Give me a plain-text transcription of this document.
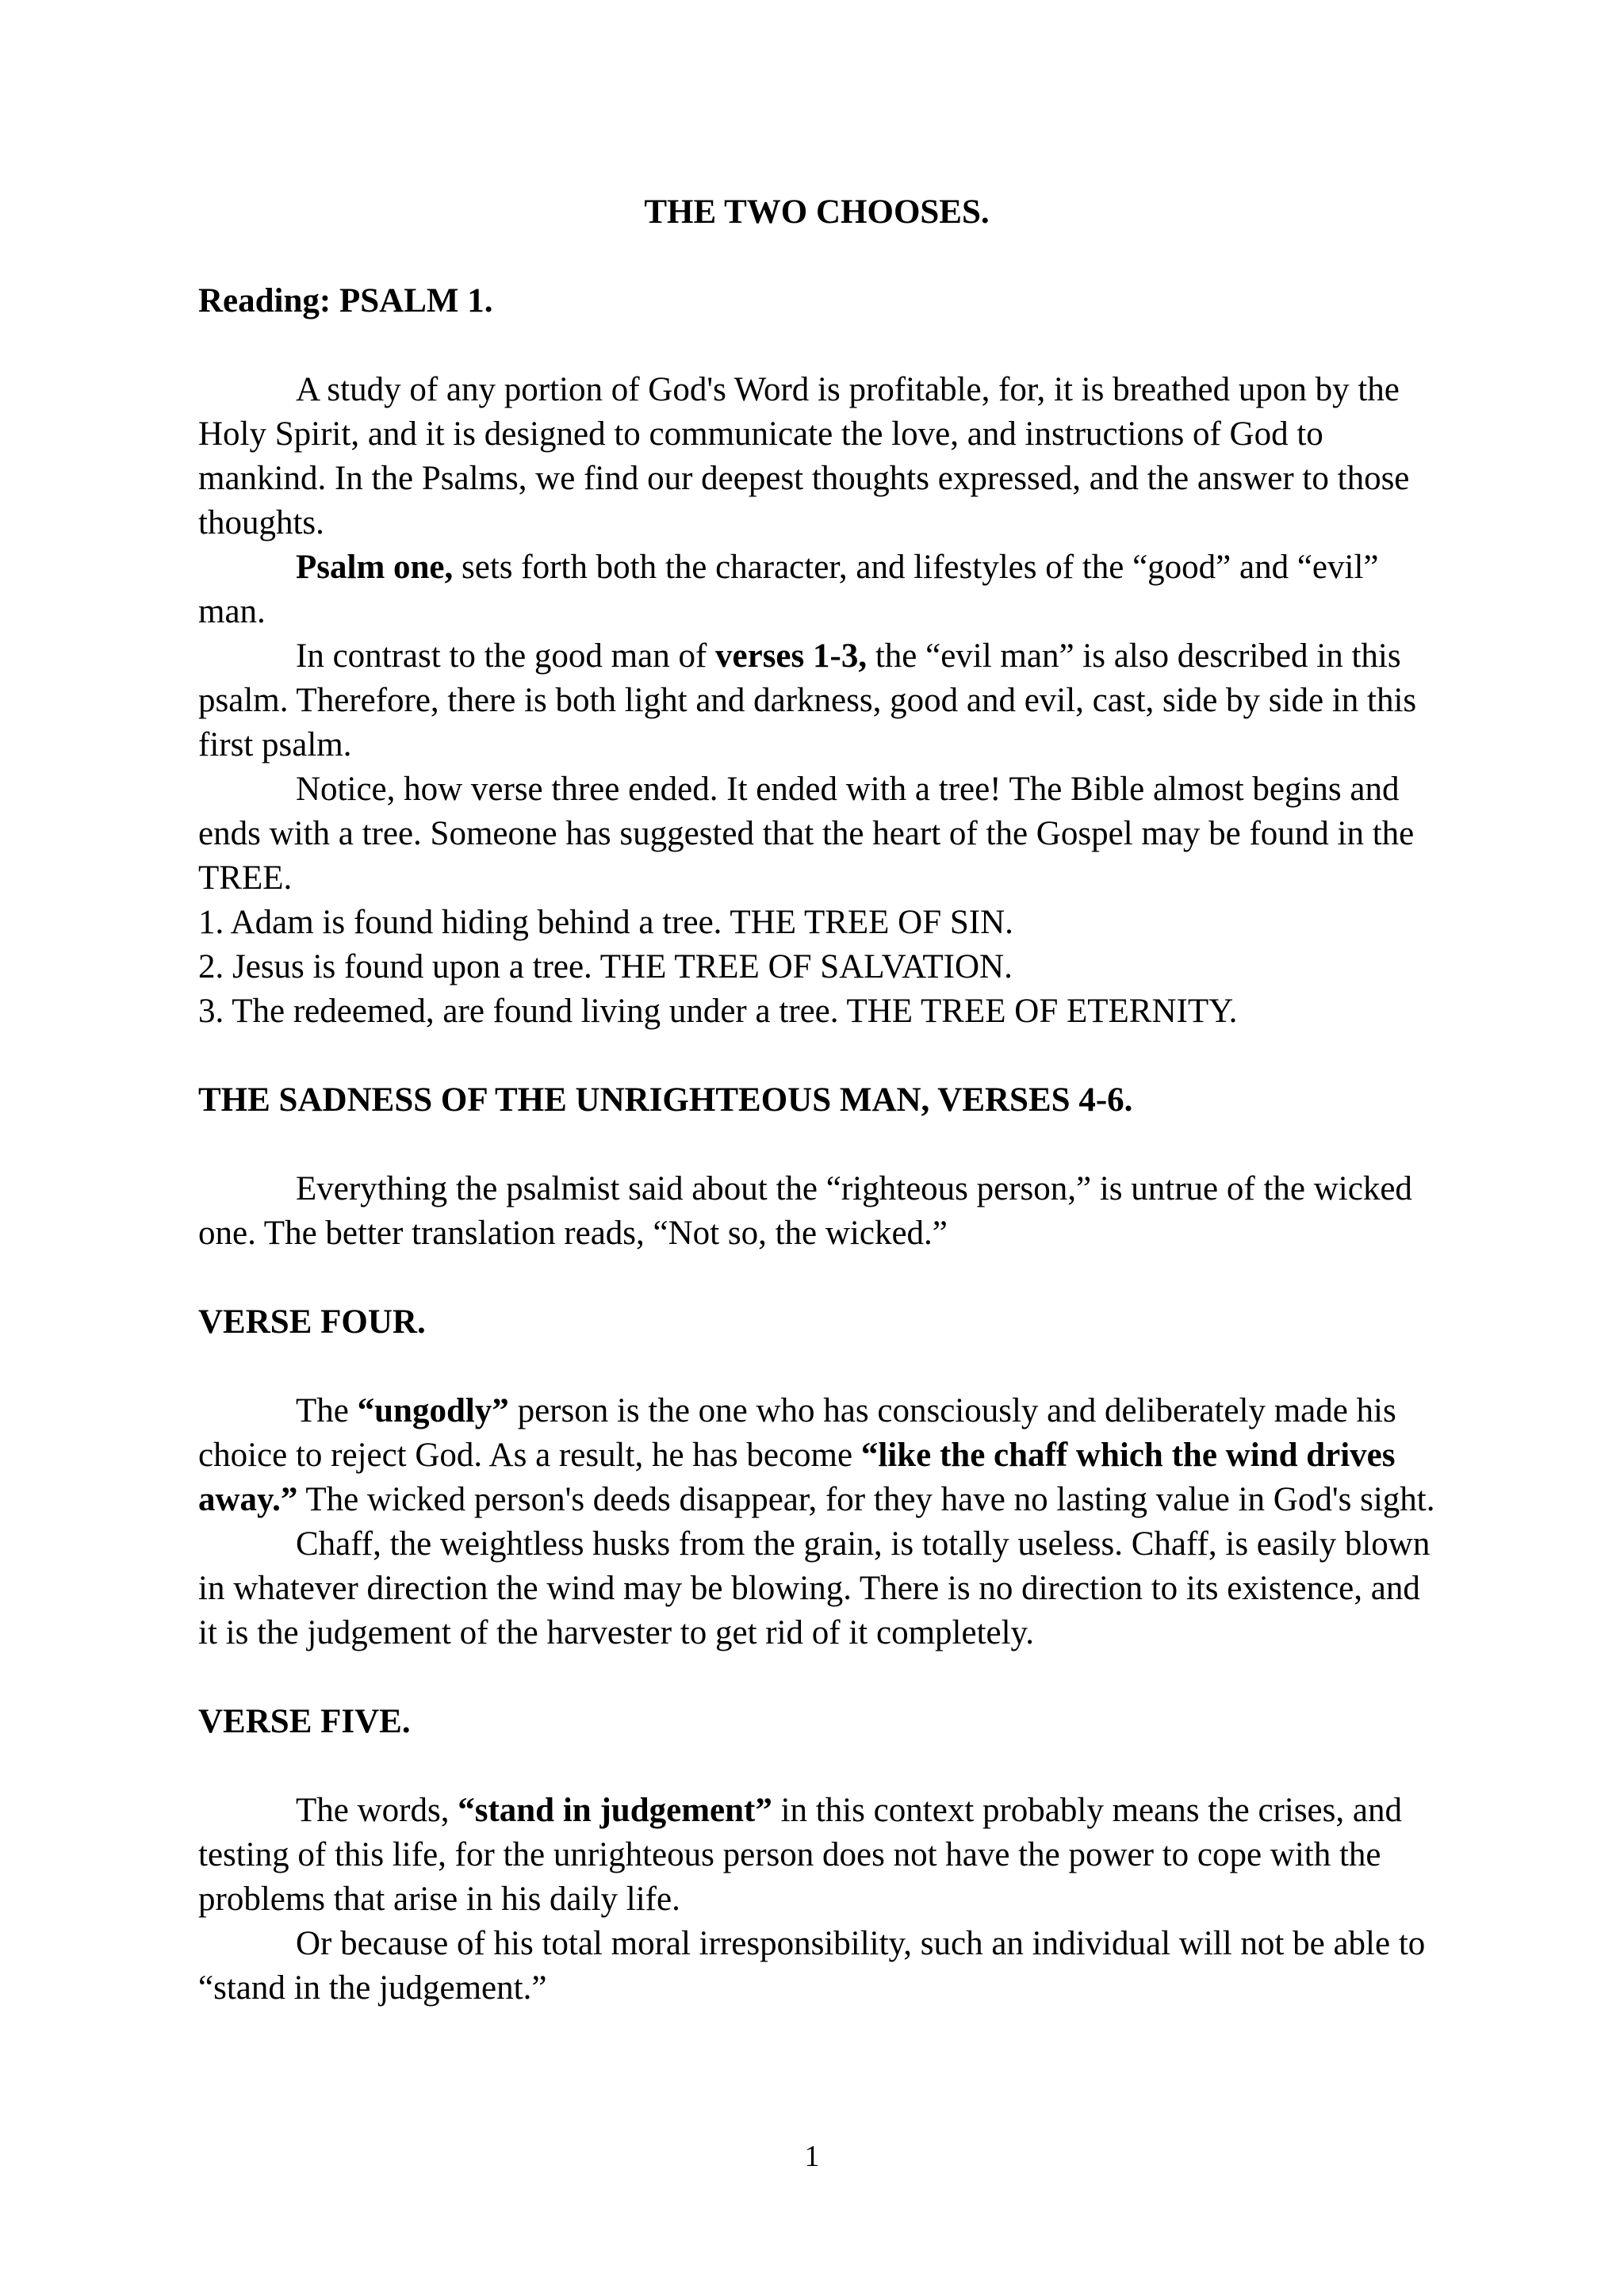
THE TWO CHOOSES.

Reading: PSALM 1.

A study of any portion of God's Word is profitable, for, it is breathed upon by the Holy Spirit, and it is designed to communicate the love, and instructions of God to mankind. In the Psalms, we find our deepest thoughts expressed, and the answer to those thoughts.

Psalm one, sets forth both the character, and lifestyles of the “good” and “evil” man.

In contrast to the good man of verses 1-3, the “evil man” is also described in this psalm. Therefore, there is both light and darkness, good and evil, cast, side by side in this first psalm.

Notice, how verse three ended. It ended with a tree! The Bible almost begins and ends with a tree. Someone has suggested that the heart of the Gospel may be found in the TREE.

1. Adam is found hiding behind a tree. THE TREE OF SIN.

2. Jesus is found upon a tree. THE TREE OF SALVATION.

3. The redeemed, are found living under a tree. THE TREE OF ETERNITY.

THE SADNESS OF THE UNRIGHTEOUS MAN, VERSES 4-6.

Everything the psalmist said about the “righteous person,” is untrue of the wicked one. The better translation reads, “Not so, the wicked.”

VERSE FOUR.

The “ungodly” person is the one who has consciously and deliberately made his choice to reject God. As a result, he has become “like the chaff which the wind drives away.” The wicked person's deeds disappear, for they have no lasting value in God's sight.

Chaff, the weightless husks from the grain, is totally useless. Chaff, is easily blown in whatever direction the wind may be blowing. There is no direction to its existence, and it is the judgement of the harvester to get rid of it completely.

VERSE FIVE.

The words, “stand in judgement” in this context probably means the crises, and testing of this life, for the unrighteous person does not have the power to cope with the problems that arise in his daily life.

Or because of his total moral irresponsibility, such an individual will not be able to “stand in the judgement.”

1
